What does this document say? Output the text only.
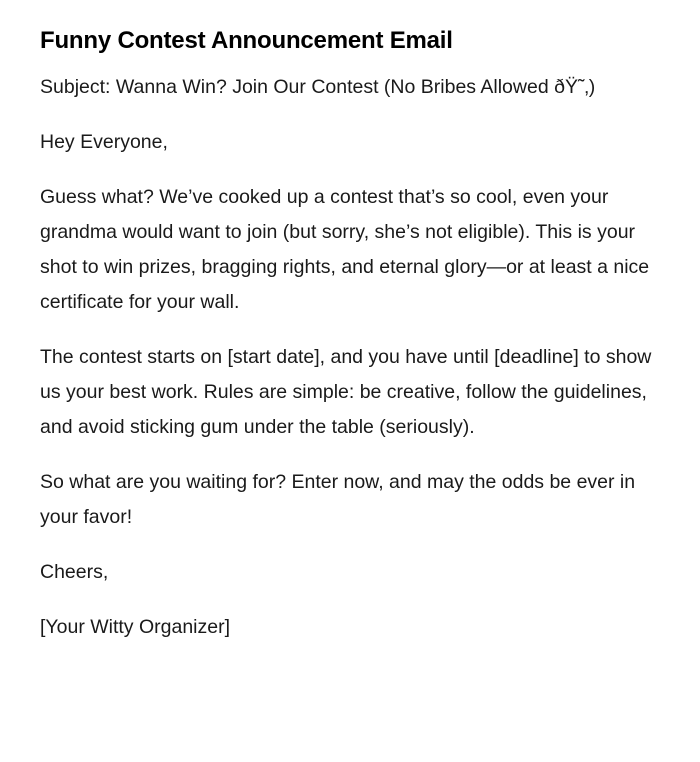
Funny Contest Announcement Email

Subject: Wanna Win? Join Our Contest (No Bribes Allowed ðŸ˜‚)

Hey Everyone,

Guess what? We’ve cooked up a contest that’s so cool, even your grandma would want to join (but sorry, she’s not eligible). This is your shot to win prizes, bragging rights, and eternal glory—or at least a nice certificate for your wall.

The contest starts on [start date], and you have until [deadline] to show us your best work. Rules are simple: be creative, follow the guidelines, and avoid sticking gum under the table (seriously).

So what are you waiting for? Enter now, and may the odds be ever in your favor!

Cheers,

[Your Witty Organizer]
